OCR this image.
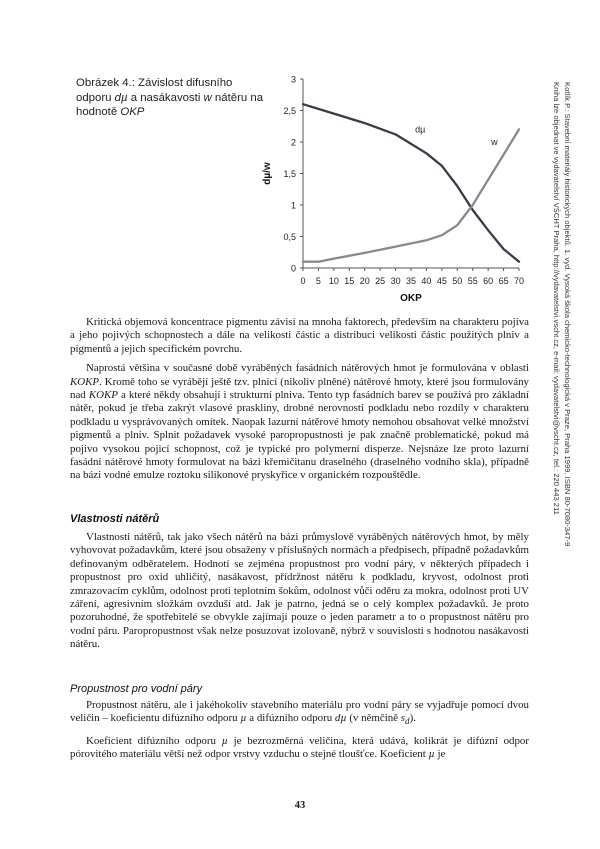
Obrázek 4.: Závislost difusního odporu dµ a nasákavosti w nátěru na hodnotě OKP
0
0,5
1
1,5
2
2,5
3
0 5 10 15 20 25 30 35 40 45 50 55 60 65 70
OKP
dµ/w
dµ
w	Kotlík P.: Stavební materiály historických objektů. 1. vyd. Vysoká škola chemicko-technologická v Praze, Praha 1999. ISBN 80-7080-347-9
Kniha lze objednat ve vydavatelství VŠCHT Praha, http://vydavatelstvi.vscht.cz, e-mail: vydavatelstvi@vscht.cz, tel.: 220 443 211

Kritická objemová koncentrace pigmentu závisí na mnoha faktorech, především na charakteru pojiva a jeho pojivých schopnostech a dále na velikosti částic a distribuci velikosti částic použitých plniv a pigmentů a jejich specifickém povrchu.

Naprostá většina v současné době vyráběných fasádních nátěrových hmot je formulována v oblasti KOKP. Kromě toho se vyrábějí ještě tzv. plnící (nikoliv plněné) nátěrové hmoty, které jsou formulovány nad KOKP a které někdy obsahují i strukturní plniva. Tento typ fasádních barev se používá pro základní nátěr, pokud je třeba zakrýt vlasové praskliny, drobné nerovnosti podkladu nebo rozdíly v charakteru podkladu u vysprávovaných omítek. Naopak lazurní nátěrové hmoty nemohou obsahovat velké množství pigmentů a plniv. Splnit požadavek vysoké paropropustnosti je pak značně problematické, pokud má pojivo vysokou pojicí schopnost, což je typické pro polymerní disperze. Nejsnáze lze proto lazurní fasádní nátěrové hmoty formulovat na bázi křemičitanu draselného (draselného vodního skla), případně na bázi vodné emulze roztoku silikonové pryskyřice v organickém rozpouštědle.

Vlastnosti nátěrů

Vlastnosti nátěrů, tak jako všech nátěrů na bázi průmyslově vyráběných nátěrových hmot, by měly vyhovovat požadavkům, které jsou obsaženy v příslušných normách a předpisech, případně požadavkům definovaným odběratelem. Hodnotí se zejména propustnost pro vodní páry, v některých případech i propustnost pro oxid uhličitý, nasákavost, přídržnost nátěru k podkladu, kryvost, odolnost proti zmrazovacím cyklům, odolnost proti teplotním šokům, odolnost vůči oděru za mokra, odolnost proti UV záření, agresivním složkám ovzduší atd. Jak je patrno, jedná se o celý komplex požadavků. Je proto pozoruhodné, že spotřebitelé se obvykle zajímají pouze o jeden parametr a to o propustnost nátěru pro vodní páru. Paropropustnost však nelze posuzovat izolovaně, nýbrž v souvislosti s hodnotou nasákavosti nátěru.

Propustnost pro vodní páry

Propustnost nátěru, ale i jakéhokoliv stavebního materiálu pro vodní páry se vyjadřuje pomocí dvou veličin – koeficientu difúzního odporu µ a difúzního odporu dµ (v němčině $s_d$).

Koeficient difúzního odporu µ je bezrozměrná veličina, která udává, kolikrát je difúzní odpor pórovitého materiálu větší než odpor vrstvy vzduchu o stejné tloušťce. Koeficient µ je

43
